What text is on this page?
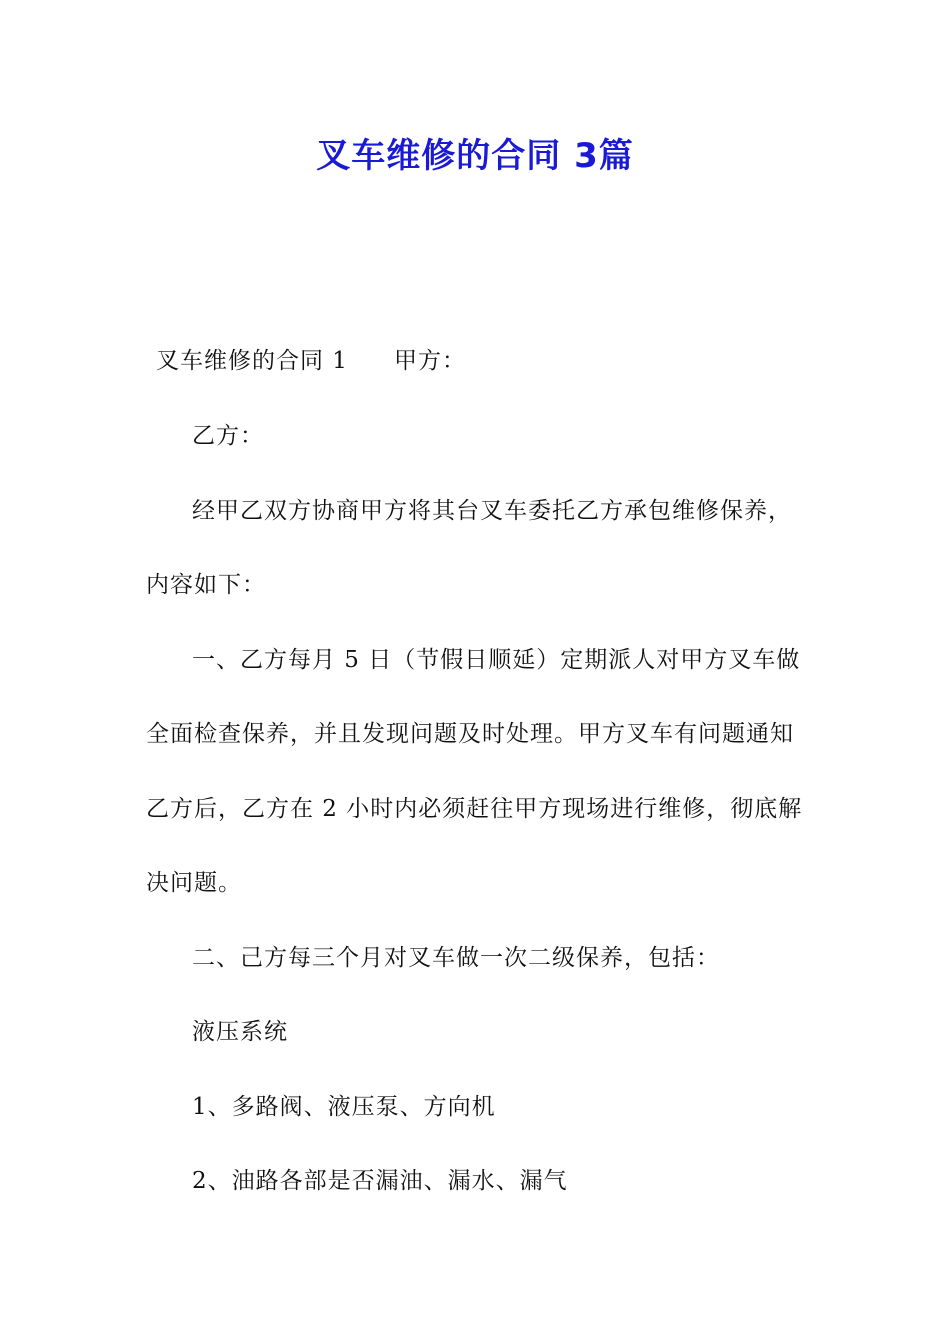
叉车维修的合同 3篇
叉车维修的合同 1 甲方：
乙方：
经甲乙双方协商甲方将其台叉车委托乙方承包维修保养，
内容如下：
一、乙方每月 5 日（节假日顺延）定期派人对甲方叉车做
全面检查保养，并且发现问题及时处理。甲方叉车有问题通知
乙方后，乙方在 2 小时内必须赶往甲方现场进行维修，彻底解
决问题。
二、己方每三个月对叉车做一次二级保养，包括：
液压系统
1、多路阀、液压泵、方向机
2、油路各部是否漏油、漏水、漏气
